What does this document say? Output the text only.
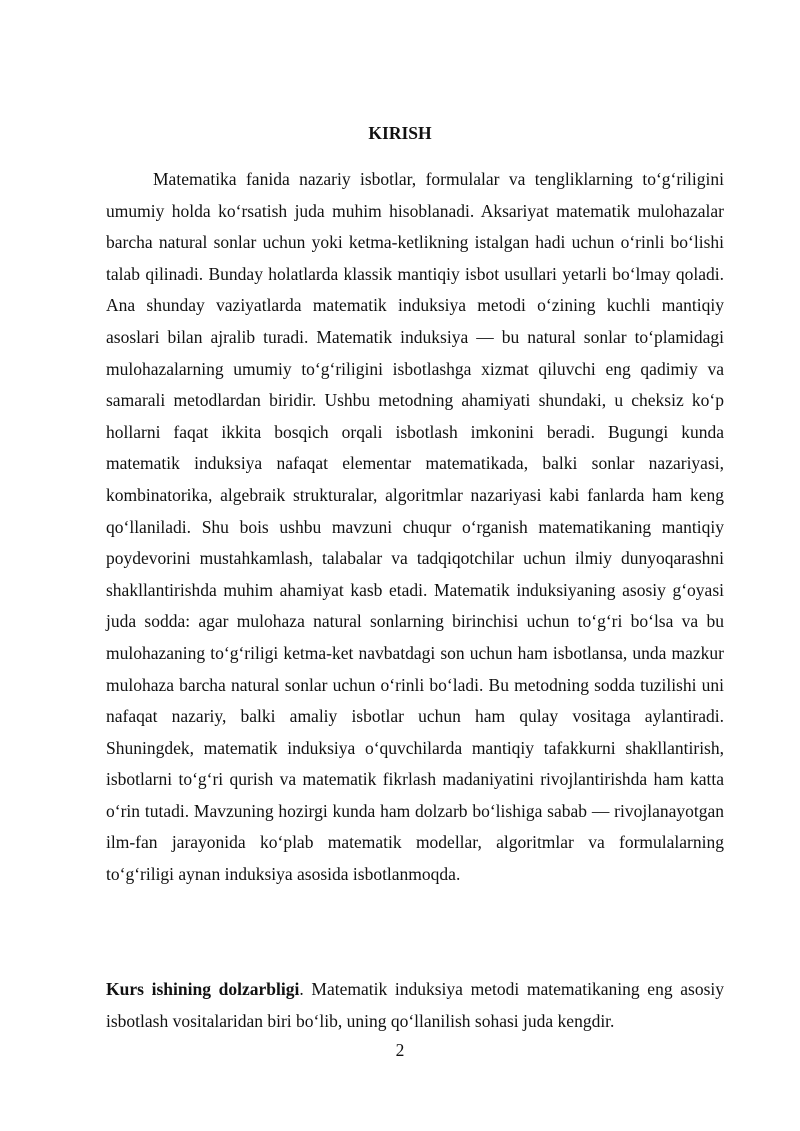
KIRISH

Matematika fanida nazariy isbotlar, formulalar va tengliklarning to‘g‘riligini umumiy holda ko‘rsatish juda muhim hisoblanadi. Aksariyat matematik mulohazalar barcha natural sonlar uchun yoki ketma-ketlikning istalgan hadi uchun o‘rinli bo‘lishi talab qilinadi. Bunday holatlarda klassik mantiqiy isbot usullari yetarli bo‘lmay qoladi. Ana shunday vaziyatlarda matematik induksiya metodi o‘zining kuchli mantiqiy asoslari bilan ajralib turadi. Matematik induksiya — bu natural sonlar to‘plamidagi mulohazalarning umumiy to‘g‘riligini isbotlashga xizmat qiluvchi eng qadimiy va samarali metodlardan biridir. Ushbu metodning ahamiyati shundaki, u cheksiz ko‘p hollarni faqat ikkita bosqich orqali isbotlash imkonini beradi. Bugungi kunda matematik induksiya nafaqat elementar matematikada, balki sonlar nazariyasi, kombinatorika, algebraik strukturalar, algoritmlar nazariyasi kabi fanlarda ham keng qo‘llaniladi. Shu bois ushbu mavzuni chuqur o‘rganish matematikaning mantiqiy poydevorini mustahkamlash, talabalar va tadqiqotchilar uchun ilmiy dunyoqarashni shakllantirishda muhim ahamiyat kasb etadi. Matematik induksiyaning asosiy g‘oyasi juda sodda: agar mulohaza natural sonlarning birinchisi uchun to‘g‘ri bo‘lsa va bu mulohazaning to‘g‘riligi ketma-ket navbatdagi son uchun ham isbotlansa, unda mazkur mulohaza barcha natural sonlar uchun o‘rinli bo‘ladi. Bu metodning sodda tuzilishi uni nafaqat nazariy, balki amaliy isbotlar uchun ham qulay vositaga aylantiradi. Shuningdek, matematik induksiya o‘quvchilarda mantiqiy tafakkurni shakllantirish, isbotlarni to‘g‘ri qurish va matematik fikrlash madaniyatini rivojlantirishda ham katta o‘rin tutadi. Mavzuning hozirgi kunda ham dolzarb bo‘lishiga sabab — rivojlanayotgan ilm-fan jarayonida ko‘plab matematik modellar, algoritmlar va formulalarning to‘g‘riligi aynan induksiya asosida isbotlanmoqda.

Kurs ishining dolzarbligi. Matematik induksiya metodi matematikaning eng asosiy isbotlash vositalaridan biri bo‘lib, uning qo‘llanilish sohasi juda kengdir.

2
